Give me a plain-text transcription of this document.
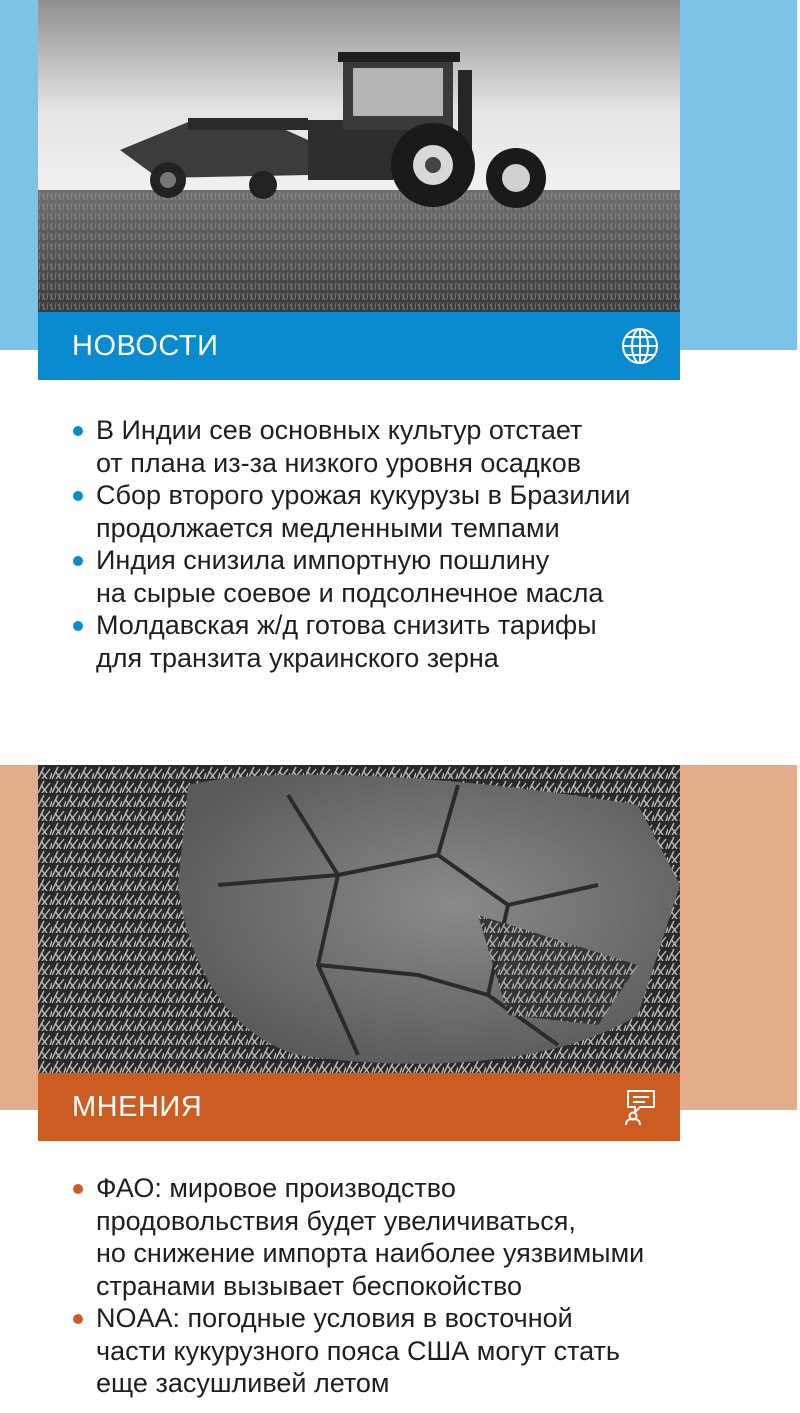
НОВОСТИ
В Индии сев основных культур отстает
от плана из-за низкого уровня осадков
Сбор второго урожая кукурузы в Бразилии
продолжается медленными темпами
Индия снизила импортную пошлину
на сырые соевое и подсолнечное масла
Молдавская ж/д готова снизить тарифы
для транзита украинского зерна
МНЕНИЯ
ФАО: мировое производство
продовольствия будет увеличиваться,
но снижение импорта наиболее уязвимыми
странами вызывает беспокойство
NOAA: погодные условия в восточной
части кукурузного пояса США могут стать
еще засушливей летом
